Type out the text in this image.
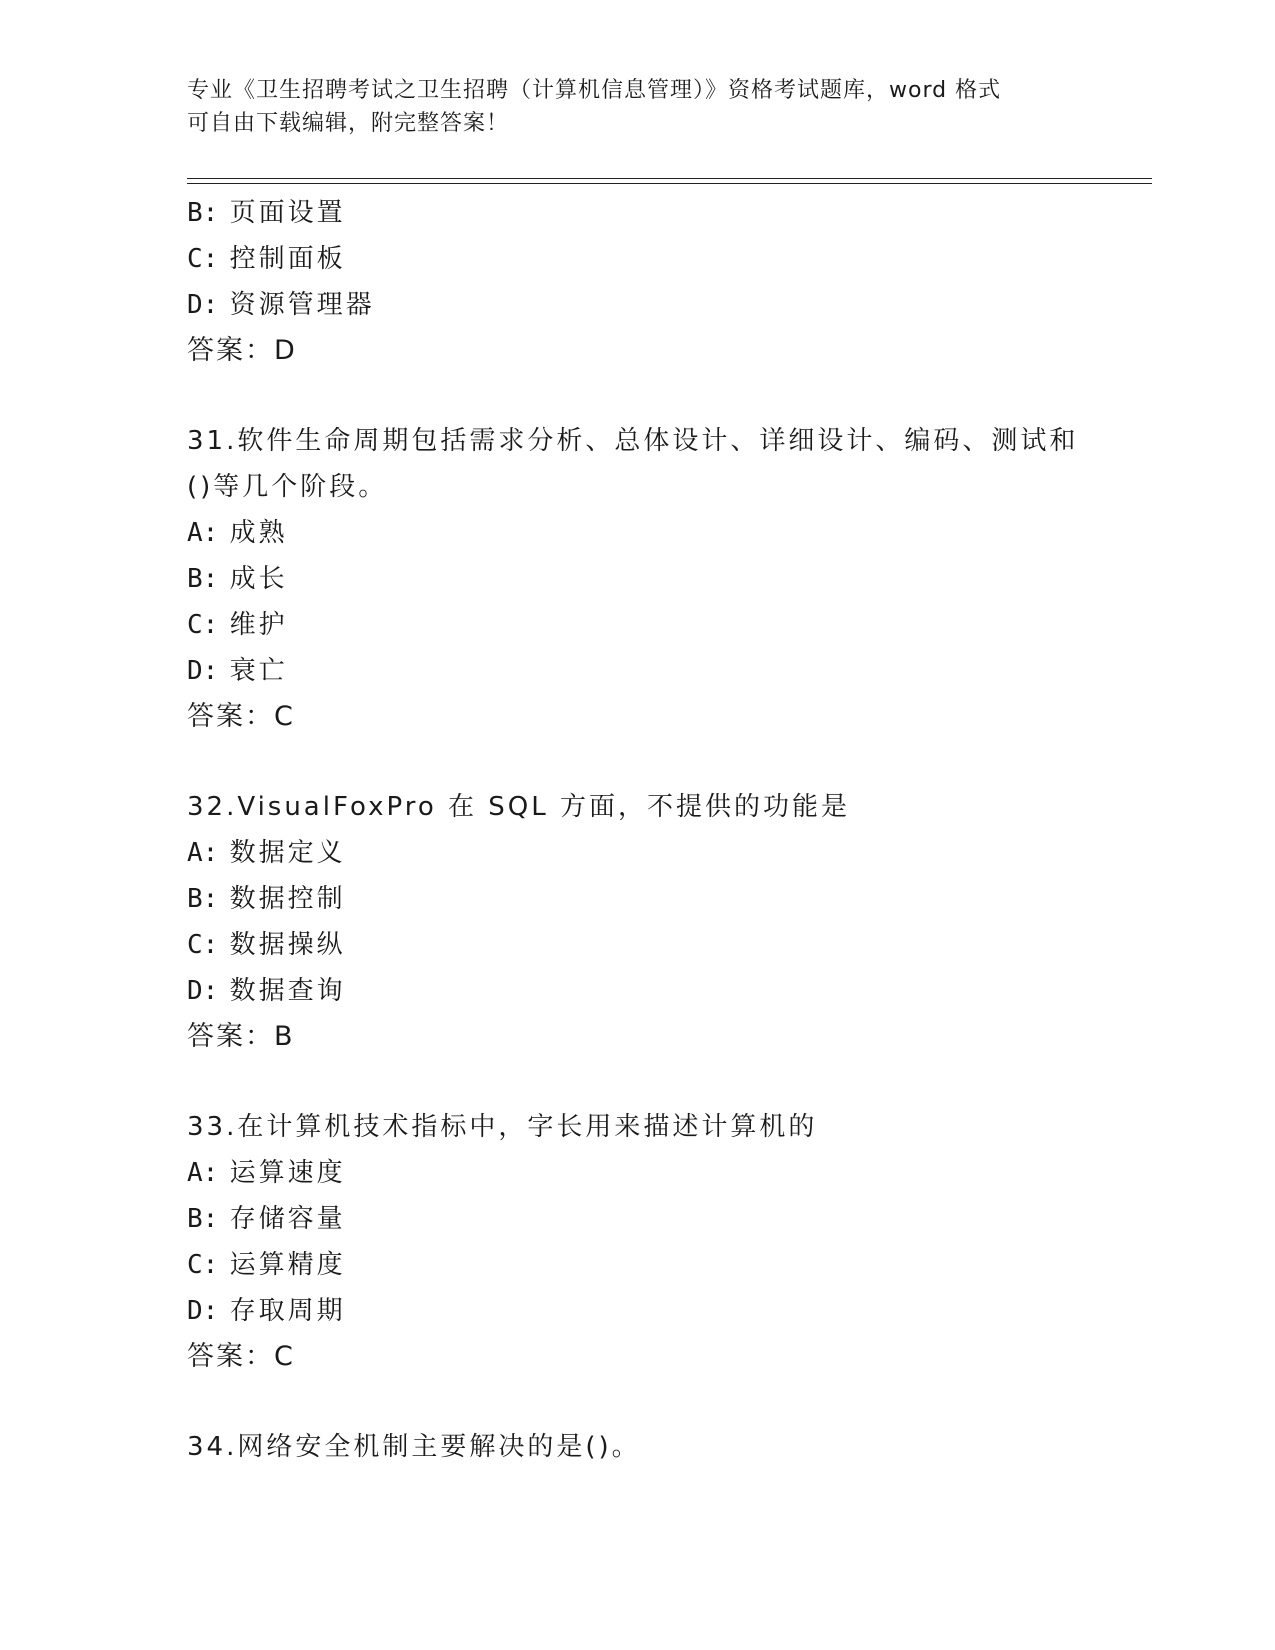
专业《卫生招聘考试之卫生招聘（计算机信息管理）》资格考试题库，word 格式
可自由下载编辑，附完整答案！
B: 页面设置
C: 控制面板
D: 资源管理器
答案：D
31.软件生命周期包括需求分析、总体设计、详细设计、编码、测试和
()等几个阶段。
A: 成熟
B: 成长
C: 维护
D: 衰亡
答案：C
32.VisualFoxPro 在 SQL 方面，不提供的功能是
A: 数据定义
B: 数据控制
C: 数据操纵
D: 数据查询
答案：B
33.在计算机技术指标中，字长用来描述计算机的
A: 运算速度
B: 存储容量
C: 运算精度
D: 存取周期
答案：C
34.网络安全机制主要解决的是()。
